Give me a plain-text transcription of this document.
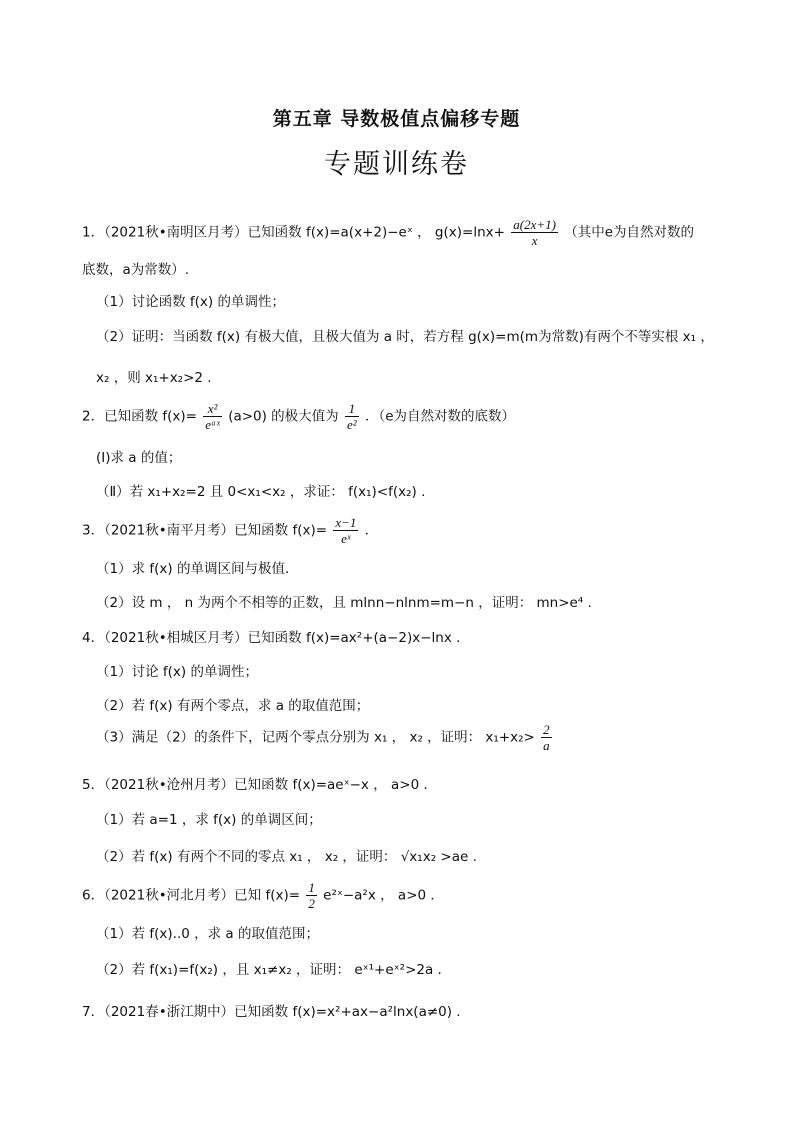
第五章 导数极值点偏移专题
专题训练卷
1．（2021秋•南明区月考）已知函数 f(x)=a(x+2)−eˣ ， $g(x)=\ln x+ \frac{a(2x+1)}{x}$ （其中e为自然对数的
底数，a为常数）.
（1）讨论函数 f(x) 的单调性；
（2）证明：当函数 f(x) 有极大值，且极大值为 a 时，若方程 g(x)=m(m为常数)有两个不等实根 x₁ ，
x₂ ，则 x₁+x₂>2 .
2．已知函数 $f(x)= \frac{\text{x²}}{\text{eᵃˣ}} (a>0)$ 的极大值为 $\frac{1}{\text{e²}}$ ．（e为自然对数的底数）
(I)求 a 的值；
（Ⅱ）若 x₁+x₂=2 且 0<x₁<x₂ ，求证： f(x₁)<f(x₂) .
3．（2021秋•南平月考）已知函数 $f(x)= \frac{x-1}{\text{eˣ}}$ ．
（1）求 f(x) 的单调区间与极值．
（2）设 m ， n 为两个不相等的正数，且 mlnn−nlnm=m−n ，证明： mn>e⁴ .
4．（2021秋•相城区月考）已知函数 f(x)=ax²+(a−2)x−lnx ．
（1）讨论 f(x) 的单调性；
（2）若 f(x) 有两个零点，求 a 的取值范围；
（3）满足（2）的条件下，记两个零点分别为 x₁ ， x₂ ，证明： $x_1+x_2> \frac{2}{a}$
5．（2021秋•沧州月考）已知函数 f(x)=aeˣ−x ， a>0 ．
（1）若 a=1 ，求 f(x) 的单调区间；
（2）若 f(x) 有两个不同的零点 x₁ ， x₂ ，证明： √x₁x₂ >ae .
6．（2021秋•河北月考）已知 $f(x)= \frac{1}{2}$ e²ˣ−a²x ， a>0 ．
（1）若 f(x)..0 ，求 a 的取值范围；
（2）若 f(x₁)=f(x₂) ，且 x₁≠x₂ ，证明： eˣ¹+eˣ²>2a .
7．（2021春•浙江期中）已知函数 f(x)=x²+ax−a²lnx(a≠0) .
